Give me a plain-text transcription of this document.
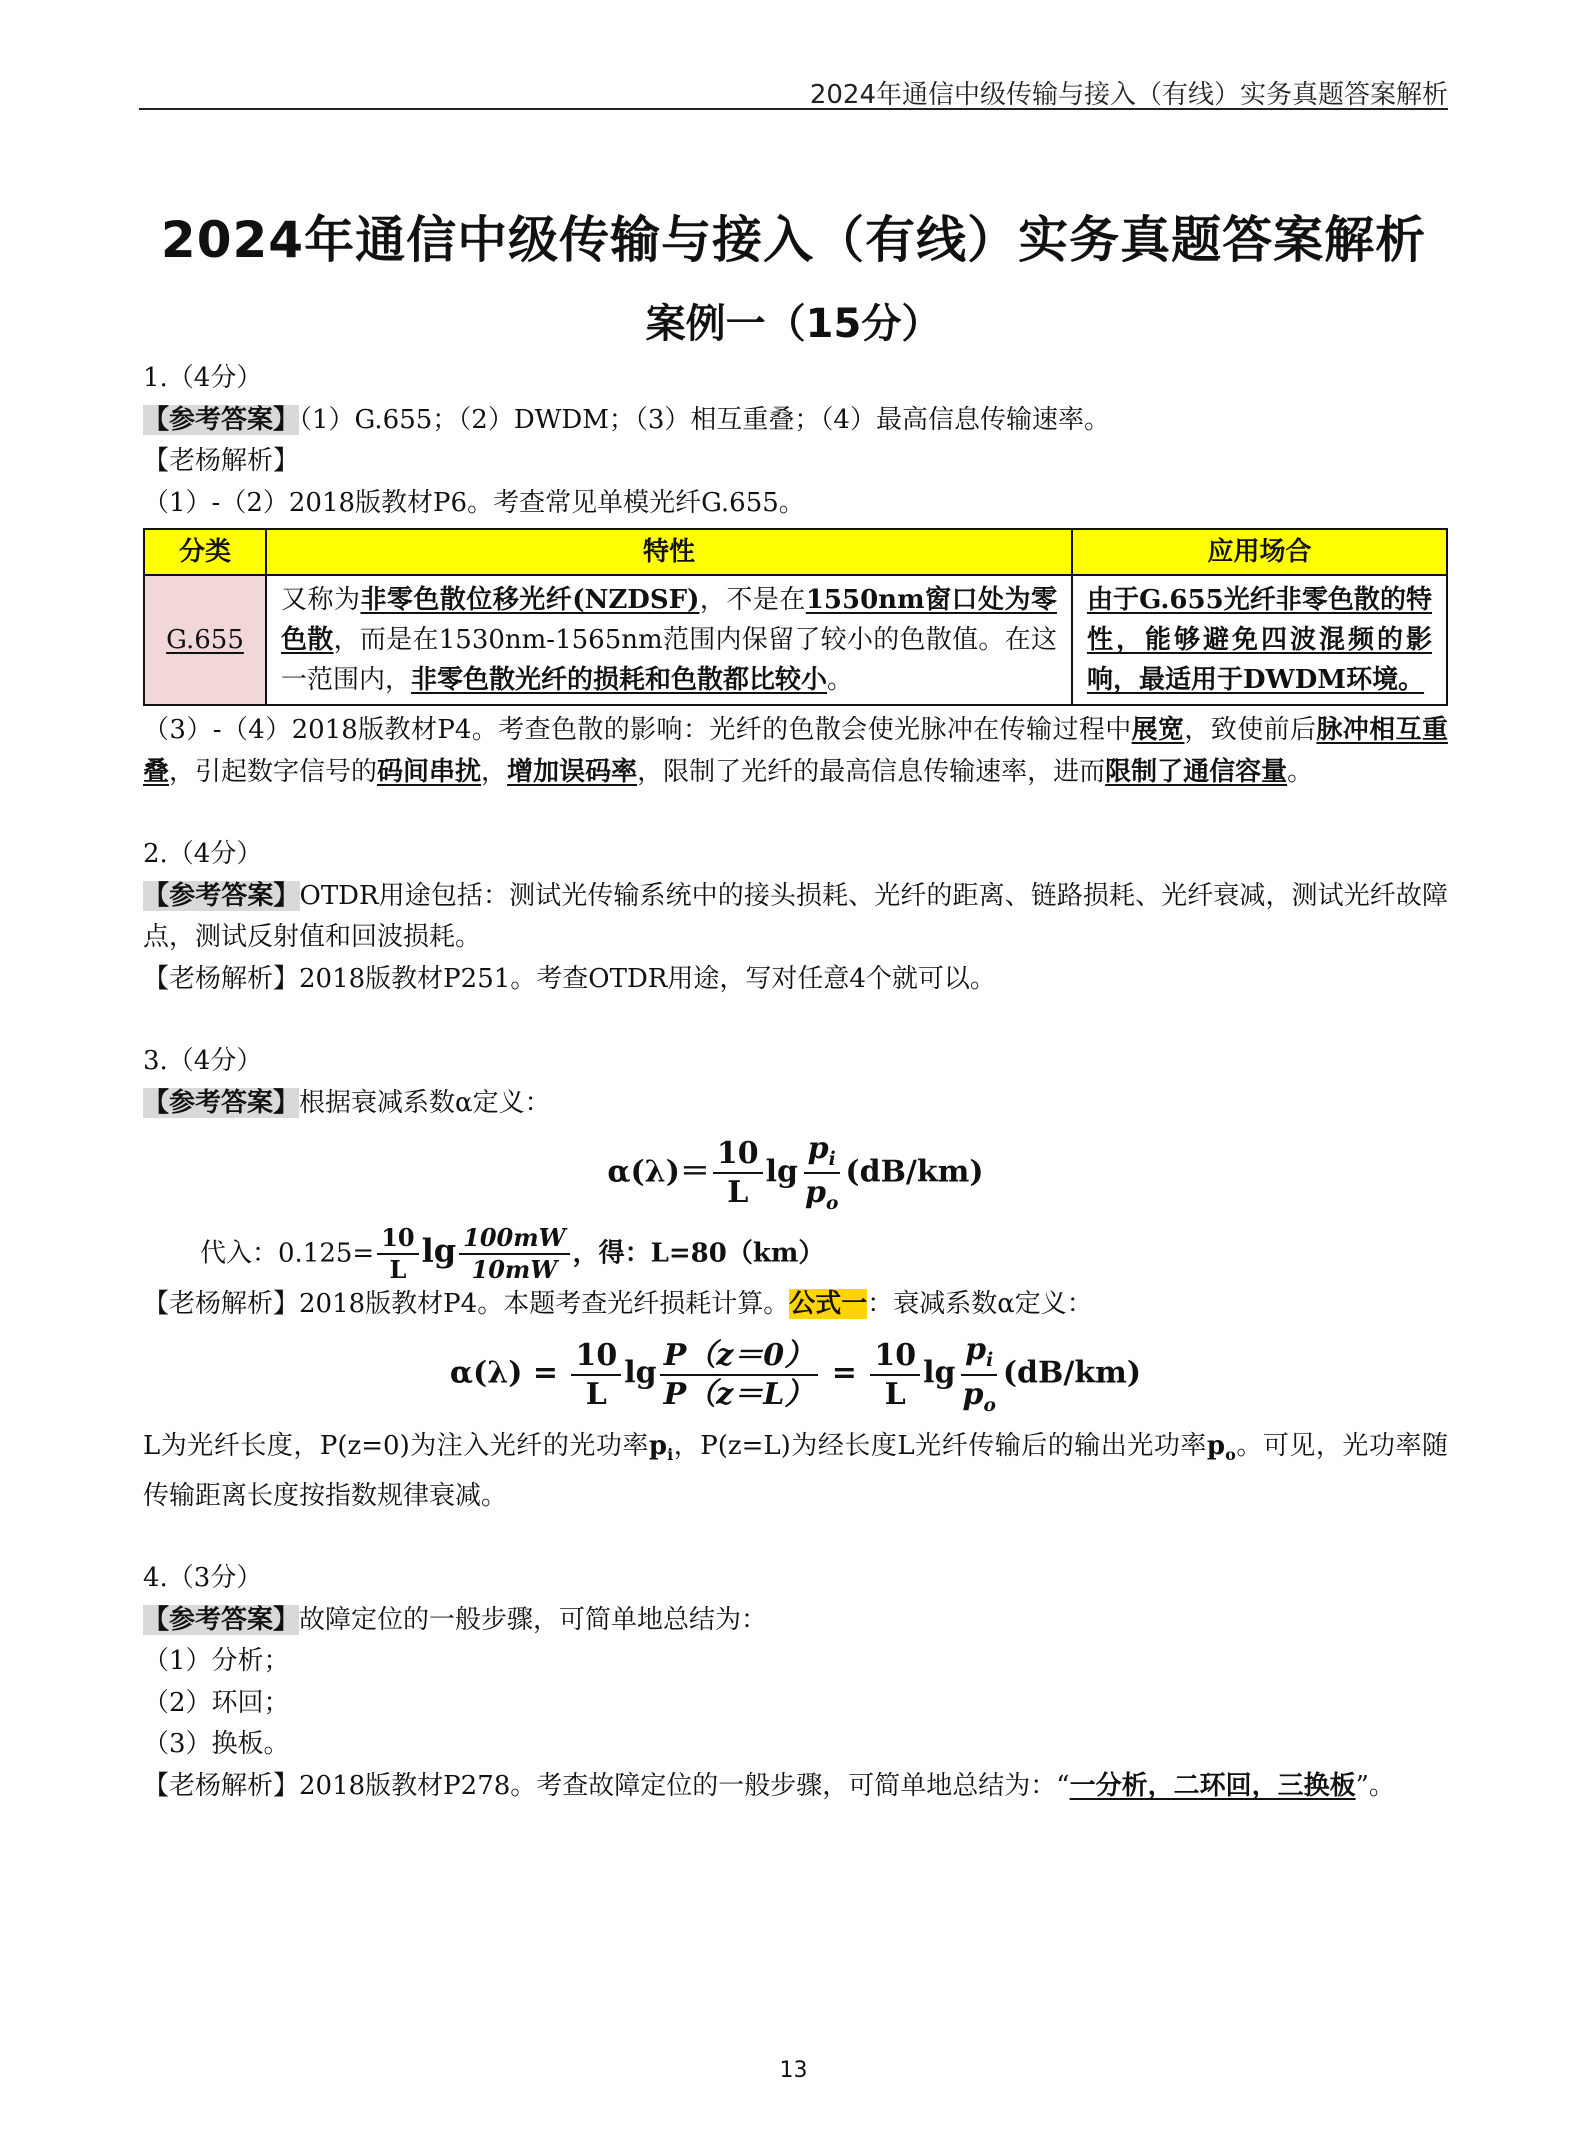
2024年通信中级传输与接入（有线）实务真题答案解析
2024年通信中级传输与接入（有线）实务真题答案解析
案例一（15分）
1.（4分）
【参考答案】（1）G.655；（2）DWDM；（3）相互重叠；（4）最高信息传输速率。
【老杨解析】
（1）-（2）2018版教材P6。考查常见单模光纤G.655。
分类	特性	应用场合
G.655	又称为非零色散位移光纤(NZDSF)，不是在1550nm窗口处为零色散，而是在1530nm-1565nm范围内保留了较小的色散值。在这一范围内，非零色散光纤的损耗和色散都比较小。	由于G.655光纤非零色散的特性，能够避免四波混频的影响，最适用于DWDM环境。
（3）-（4）2018版教材P4。考查色散的影响：光纤的色散会使光脉冲在传输过程中展宽，致使前后脉冲相互重叠，引起数字信号的码间串扰，增加误码率，限制了光纤的最高信息传输速率，进而限制了通信容量。
2.（4分）
【参考答案】OTDR用途包括：测试光传输系统中的接头损耗、光纤的距离、链路损耗、光纤衰减，测试光纤故障点，测试反射值和回波损耗。
【老杨解析】2018版教材P251。考查OTDR用途，写对任意4个就可以。
3.（4分）
【参考答案】根据衰减系数α定义：
$\alpha(\lambda)= \frac{10}{L}$ $\lg \frac{p_i}{p_o} (dB/km)$
代入：$0.125= \frac{10}{L}$ $\lg \frac{100mW}{10mW}$ ，得：L=80（km）
【老杨解析】2018版教材P4。本题考查光纤损耗计算。公式一：衰减系数α定义：
$\alpha(\lambda) = \frac{10}{L}$ $\lg \frac{P(z=0)}{P(z=L)} = \frac{10}{L}$ $\lg \frac{p_i}{p_o} (dB/km)$
L为光纤长度，P(z=0)为注入光纤的光功率$p_i$，P(z=L)为经长度L光纤传输后的输出光功率$p_o$。可见，光功率随传输距离长度按指数规律衰减。
4.（3分）
【参考答案】故障定位的一般步骤，可简单地总结为：
（1）分析；
（2）环回；
（3）换板。
【老杨解析】2018版教材P278。考查故障定位的一般步骤，可简单地总结为：“一分析，二环回，三换板”。
13
